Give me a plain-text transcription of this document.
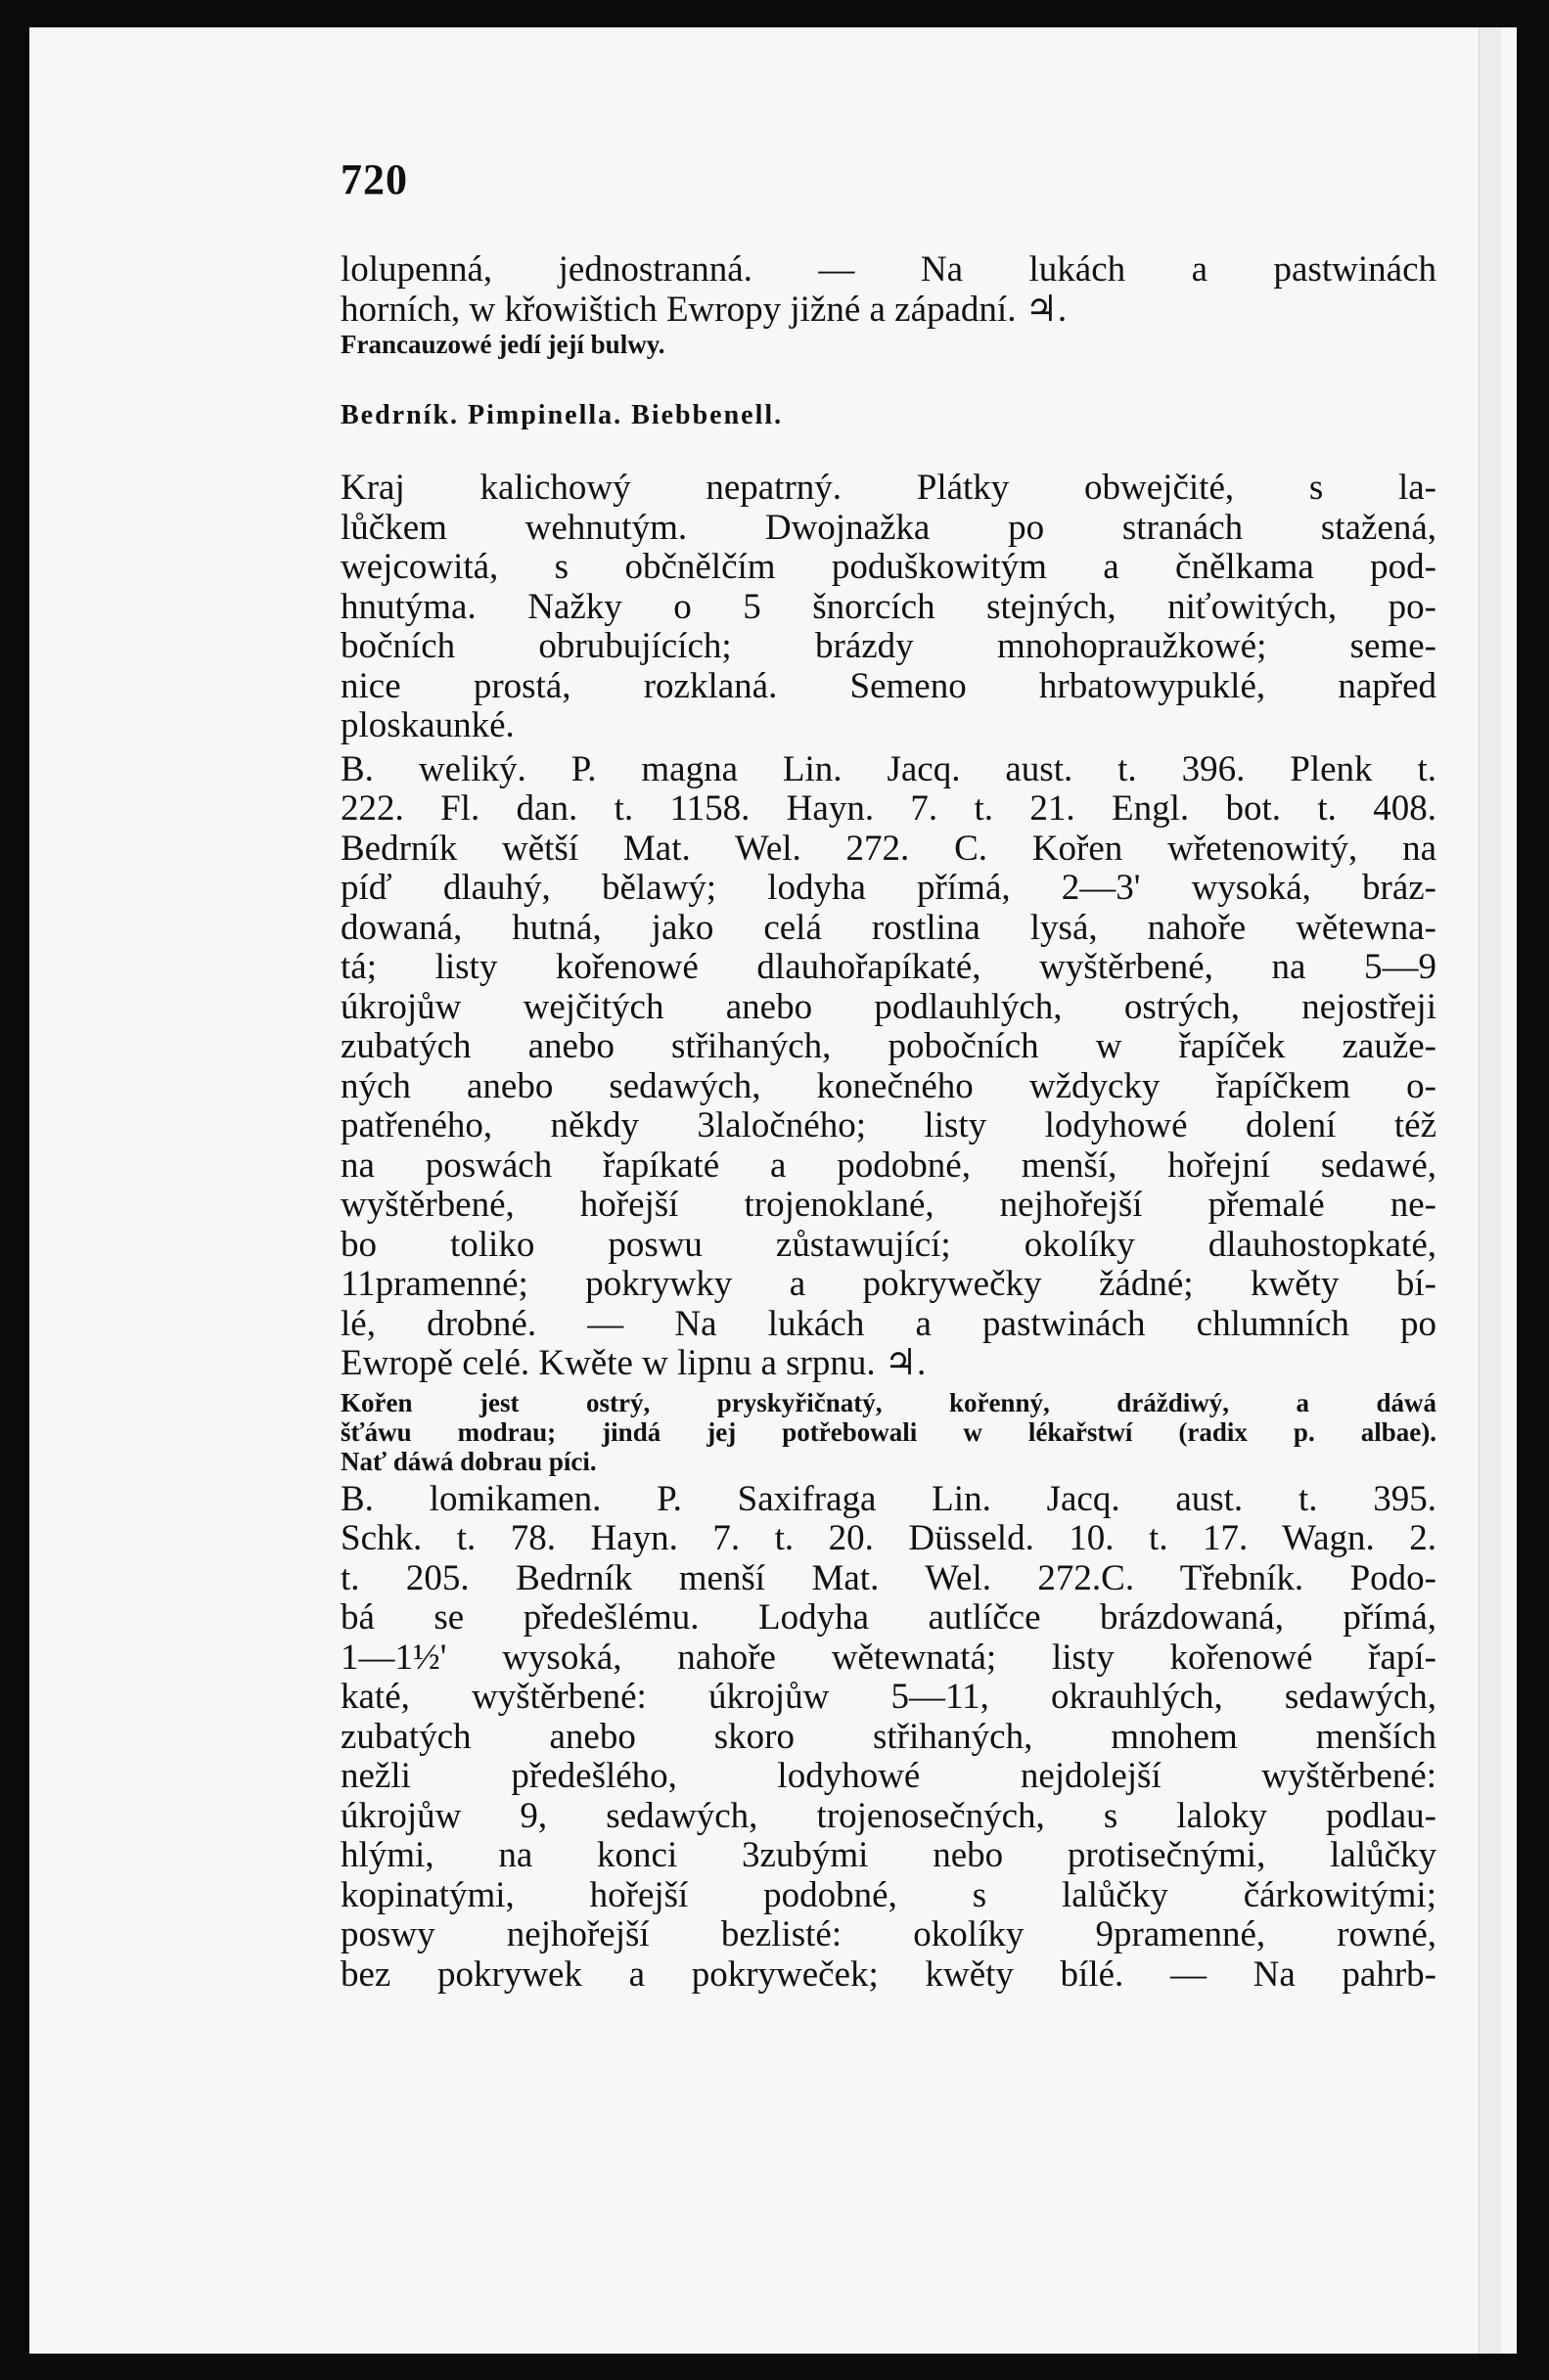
720
lolupenná, jednostranná. — Na lukách a pastwinách
horních, w křowištich Ewropy jižné a západní. ♃.
Francauzowé jedí její bulwy.
Bedrník. Pimpinella. Biebbenell.
Kraj kalichowý nepatrný. Plátky obwejčité, s la-
lůčkem wehnutým. Dwojnažka po stranách stažená,
wejcowitá, s občnělčím poduškowitým a čnělkama pod-
hnutýma. Nažky o 5 šnorcích stejných, niťowitých, po-
bočních obrubujících; brázdy mnohopraužkowé; seme-
nice prostá, rozklaná. Semeno hrbatowypuklé, napřed
ploskaunké.
B. weliký. P. magna Lin. Jacq. aust. t. 396. Plenk t.
222. Fl. dan. t. 1158. Hayn. 7. t. 21. Engl. bot. t. 408.
Bedrník wětší Mat. Wel. 272. C. Kořen wřetenowitý, na
píď dlauhý, bělawý; lodyha přímá, 2—3' wysoká, bráz-
dowaná, hutná, jako celá rostlina lysá, nahoře wětewna-
tá; listy kořenowé dlauhořapíkaté, wyštěrbené, na 5—9
úkrojůw wejčitých anebo podlauhlých, ostrých, nejostřeji
zubatých anebo střihaných, pobočních w řapíček zauže-
ných anebo sedawých, konečného wždycky řapíčkem o-
patřeného, někdy 3laločného; listy lodyhowé dolení též
na poswách řapíkaté a podobné, menší, hořejní sedawé,
wyštěrbené, hořejší trojenoklané, nejhořejší přemalé ne-
bo toliko poswu zůstawující; okolíky dlauhostopkaté,
11pramenné; pokrywky a pokrywečky žádné; kwěty bí-
lé, drobné. — Na lukách a pastwinách chlumních po
Ewropě celé. Kwěte w lipnu a srpnu. ♃.
Kořen jest ostrý, pryskyřičnatý, kořenný, dráždiwý, a dáwá
šťáwu modrau; jindá jej potřebowali w lékařstwí (radix p. albae).
Nať dáwá dobrau píci.
B. lomikamen. P. Saxifraga Lin. Jacq. aust. t. 395.
Schk. t. 78. Hayn. 7. t. 20. Düsseld. 10. t. 17. Wagn. 2.
t. 205. Bedrník menší Mat. Wel. 272.C. Třebník. Podo-
bá se předešlému. Lodyha autlíčce brázdowaná, přímá,
1—1½' wysoká, nahoře wětewnatá; listy kořenowé řapí-
katé, wyštěrbené: úkrojůw 5—11, okrauhlých, sedawých,
zubatých anebo skoro střihaných, mnohem menších
nežli předešlého, lodyhowé nejdolejší wyštěrbené:
úkrojůw 9, sedawých, trojenosečných, s laloky podlau-
hlými, na konci 3zubými nebo protisečnými, lalůčky
kopinatými, hořejší podobné, s lalůčky čárkowitými;
poswy nejhořejší bezlisté: okolíky 9pramenné, rowné,
bez pokrywek a pokryweček; kwěty bílé. — Na pahrb-
